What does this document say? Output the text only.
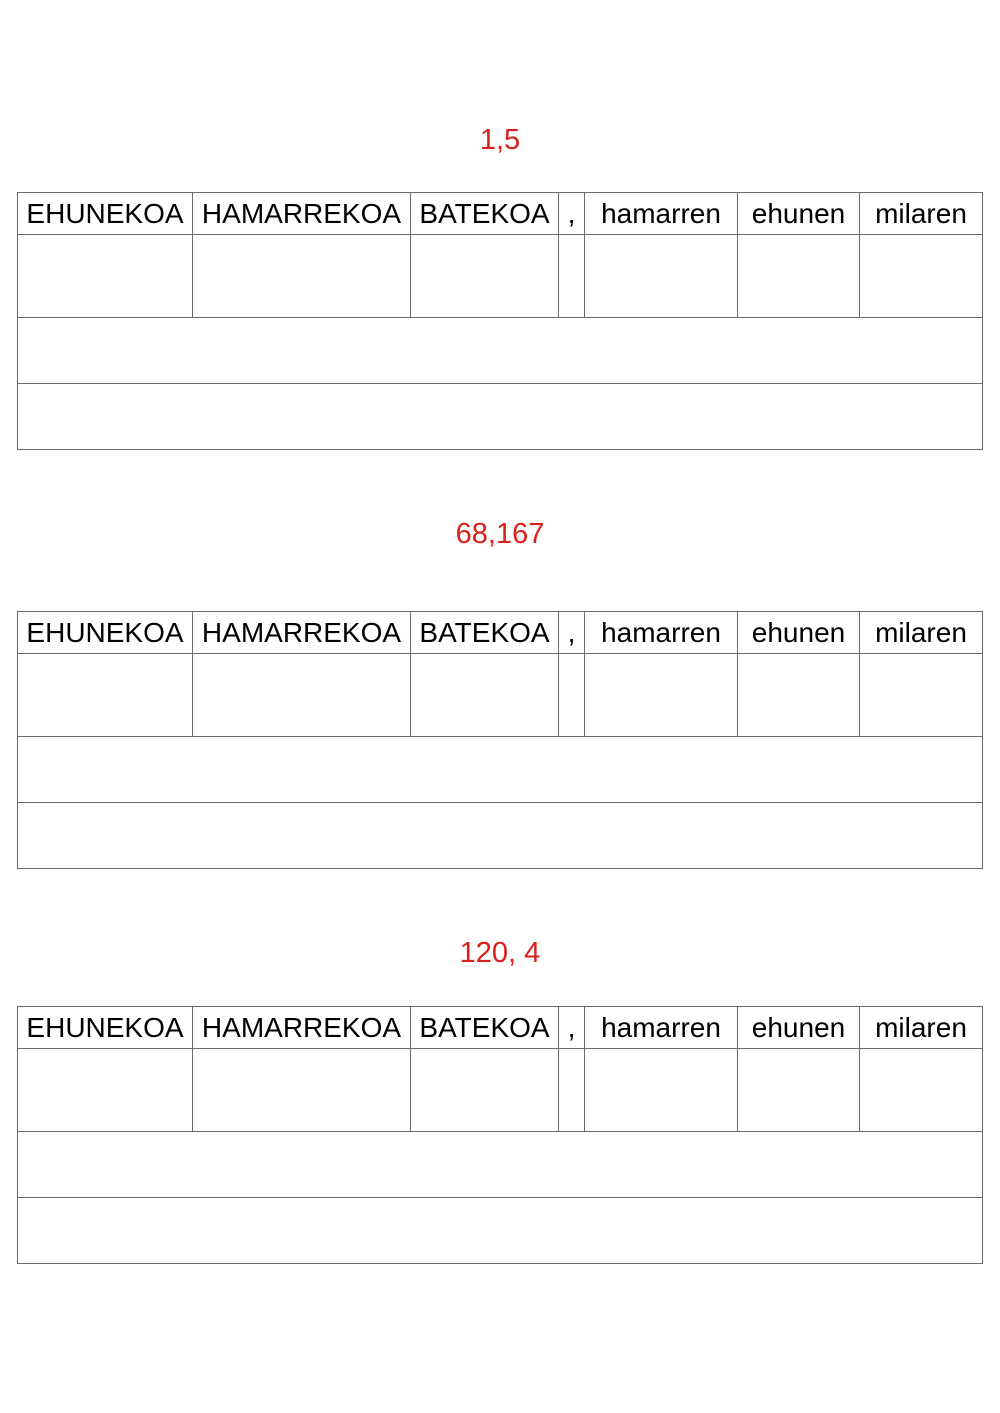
1,5
EHUNEKOA	HAMARREKOA	BATEKOA	,	hamarren	ehunen	milaren

68,167
EHUNEKOA	HAMARREKOA	BATEKOA	,	hamarren	ehunen	milaren

120, 4
EHUNEKOA	HAMARREKOA	BATEKOA	,	hamarren	ehunen	milaren
